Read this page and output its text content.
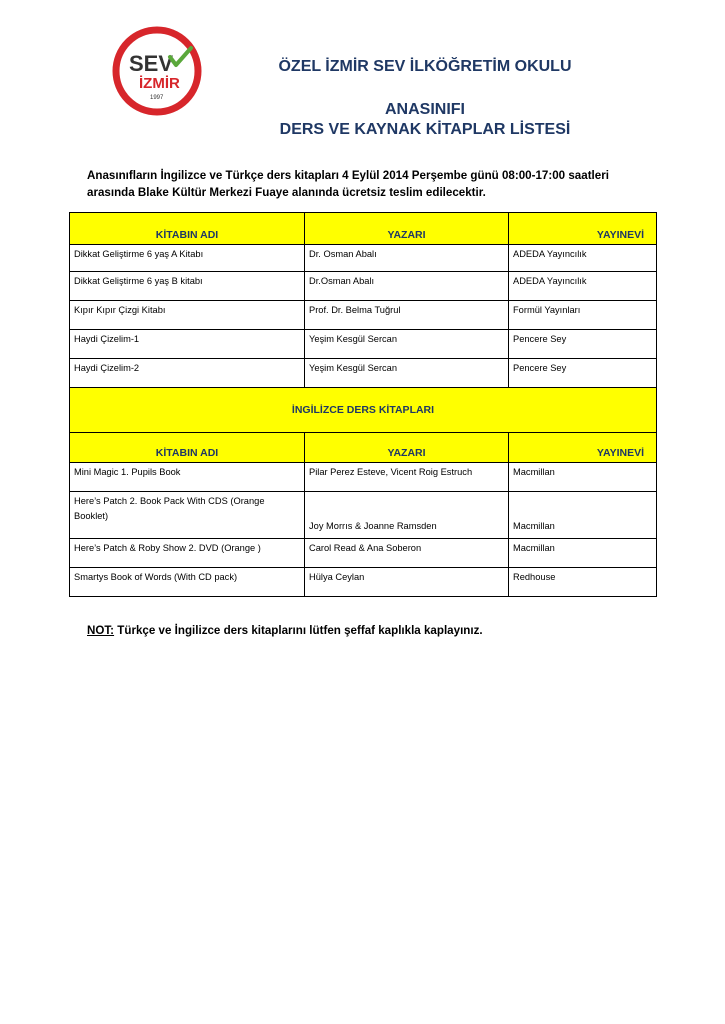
SEV
İZMİR
1997
ÖZEL İZMİR SEV İLKÖĞRETİM OKULU
ANASINIFI
DERS VE KAYNAK KİTAPLAR LİSTESİ
Anasınıfların İngilizce ve Türkçe ders kitapları 4 Eylül 2014 Perşembe günü 08:00-17:00 saatleri
arasında Blake Kültür Merkezi Fuaye alanında ücretsiz teslim edilecektir.
KİTABIN ADI	YAZARI	YAYINEVİ
Dikkat Geliştirme 6 yaş A Kitabı	Dr. Osman Abalı	ADEDA Yayıncılık
Dikkat Geliştirme 6 yaş B kitabı	Dr.Osman Abalı	ADEDA Yayıncılık
Kıpır Kıpır Çizgi Kitabı	Prof. Dr. Belma Tuğrul	Formül Yayınları
Haydi Çizelim-1	Yeşim Kesgül Sercan	Pencere Sey
Haydi Çizelim-2	Yeşim Kesgül Sercan	Pencere Sey
İNGİLİZCE DERS KİTAPLARI		
KİTABIN ADI	YAZARI	YAYINEVİ
Mini Magic 1. Pupils Book	Pilar Perez Esteve, Vicent Roig Estruch	Macmillan
Here’s Patch 2. Book Pack With CDS (Orange Booklet)	Joy Morrıs & Joanne Ramsden	Macmillan
Here’s Patch & Roby Show 2. DVD (Orange )	Carol Read & Ana Soberon	Macmillan
Smartys Book of Words (With CD pack)	Hülya Ceylan	Redhouse
NOT: Türkçe ve İngilizce ders kitaplarını lütfen şeffaf kaplıkla kaplayınız.
